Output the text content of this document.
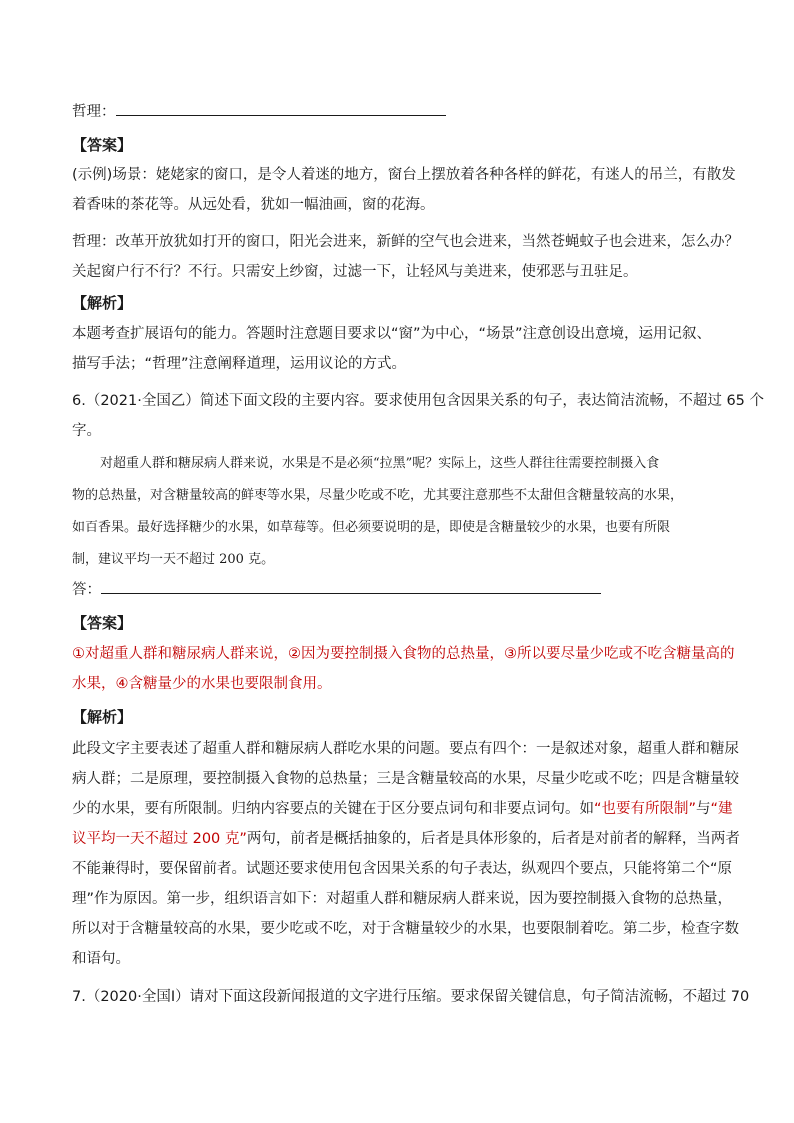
哲理：
【答案】
(示例)场景：姥姥家的窗口，是令人着迷的地方，窗台上摆放着各种各样的鲜花，有迷人的吊兰，有散发
着香味的茶花等。从远处看，犹如一幅油画，窗的花海。
哲理：改革开放犹如打开的窗口，阳光会进来，新鲜的空气也会进来，当然苍蝇蚊子也会进来，怎么办？
关起窗户行不行？不行。只需安上纱窗，过滤一下，让轻风与美进来，使邪恶与丑驻足。
【解析】
本题考查扩展语句的能力。答题时注意题目要求以“窗”为中心，“场景”注意创设出意境，运用记叙、
描写手法；“哲理”注意阐释道理，运用议论的方式。
6.（2021·全国乙）简述下面文段的主要内容。要求使用包含因果关系的句子，表达简洁流畅，不超过 65 个
字。
对超重人群和糖尿病人群来说，水果是不是必须“拉黑”呢？实际上，这些人群往往需要控制摄入食
物的总热量，对含糖量较高的鲜枣等水果，尽量少吃或不吃，尤其要注意那些不太甜但含糖量较高的水果，
如百香果。最好选择糖少的水果，如草莓等。但必须要说明的是，即使是含糖量较少的水果，也要有所限
制，建议平均一天不超过 200 克。
答：
【答案】
①对超重人群和糖尿病人群来说，②因为要控制摄入食物的总热量，③所以要尽量少吃或不吃含糖量高的
水果，④含糖量少的水果也要限制食用。
【解析】
此段文字主要表述了超重人群和糖尿病人群吃水果的问题。要点有四个：一是叙述对象，超重人群和糖尿
病人群；二是原理，要控制摄入食物的总热量；三是含糖量较高的水果，尽量少吃或不吃；四是含糖量较
少的水果，要有所限制。归纳内容要点的关键在于区分要点词句和非要点词句。如“也要有所限制”与“建
议平均一天不超过 200 克”两句，前者是概括抽象的，后者是具体形象的，后者是对前者的解释，当两者
不能兼得时，要保留前者。试题还要求使用包含因果关系的句子表达，纵观四个要点，只能将第二个“原
理”作为原因。第一步，组织语言如下：对超重人群和糖尿病人群来说，因为要控制摄入食物的总热量，
所以对于含糖量较高的水果，要少吃或不吃，对于含糖量较少的水果，也要限制着吃。第二步，检查字数
和语句。
7.（2020·全国Ⅰ）请对下面这段新闻报道的文字进行压缩。要求保留关键信息，句子简洁流畅，不超过 70
